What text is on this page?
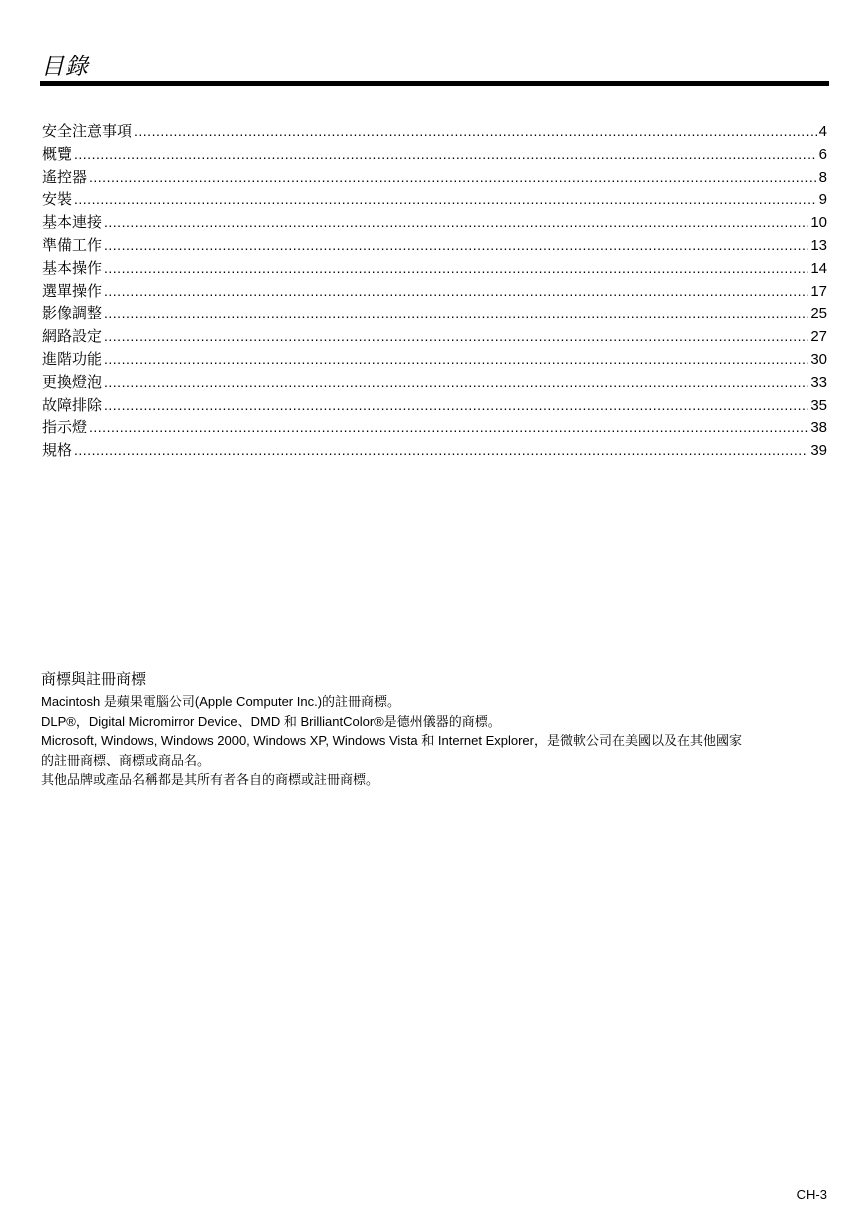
目錄
安全注意事項 .....	4
概覽 .....	6
遙控器 .....	8
安裝 .....	9
基本連接 .....	10
準備工作 .....	13
基本操作 .....	14
選單操作 .....	17
影像調整 .....	25
網路設定 .....	27
進階功能 .....	30
更換燈泡 .....	33
故障排除 .....	35
指示燈 .....	38
規格 .....	39

商標與註冊商標

Macintosh 是蘋果電腦公司(Apple Computer Inc.)的註冊商標。

DLP®，Digital Micromirror Device、DMD 和 BrilliantColor®是德州儀器的商標。

Microsoft, Windows, Windows 2000, Windows XP, Windows Vista 和 Internet Explorer，是微軟公司在美國以及在其他國家

的註冊商標、商標或商品名。

其他品牌或產品名稱都是其所有者各自的商標或註冊商標。

CH-3
